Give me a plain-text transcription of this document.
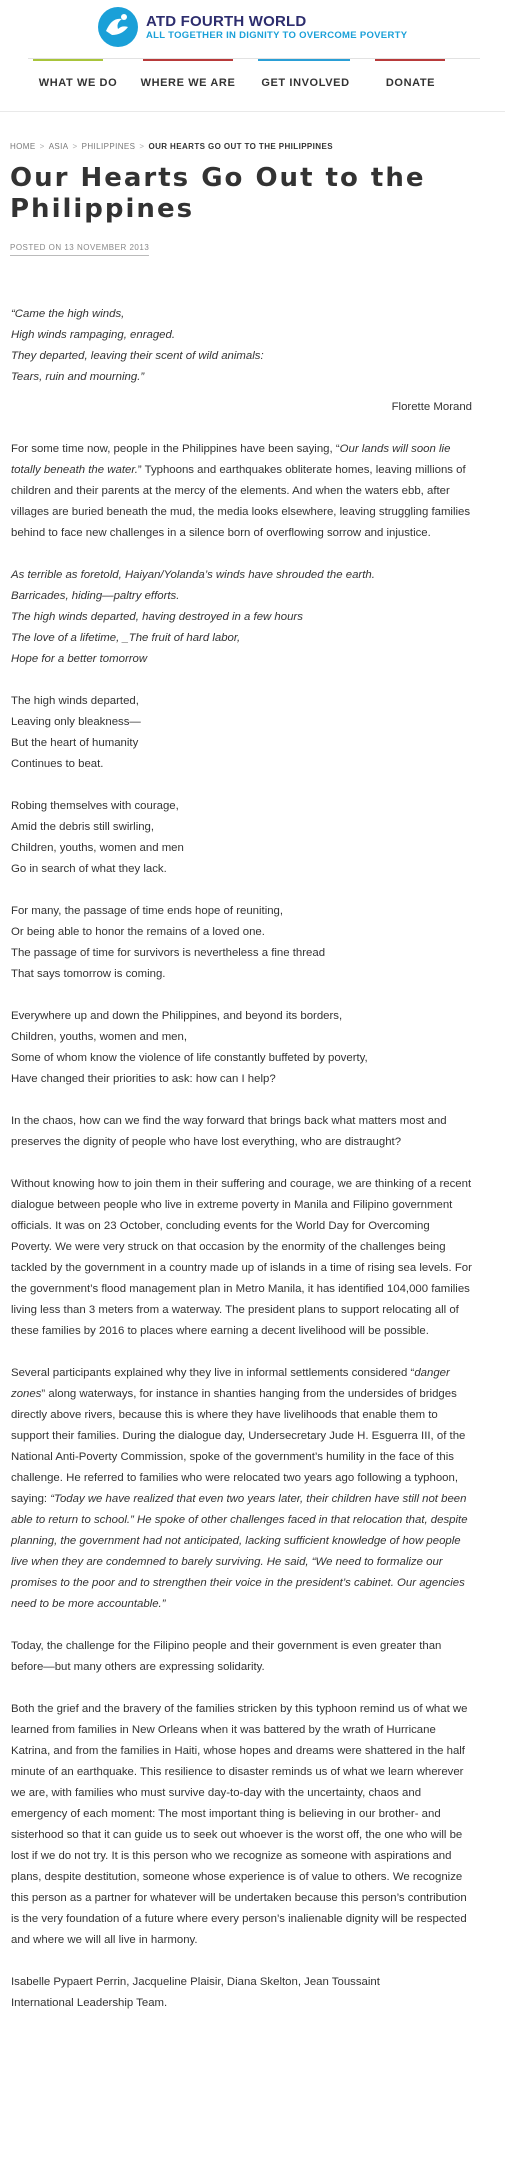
ATD FOURTH WORLD
ALL TOGETHER IN DIGNITY TO OVERCOME POVERTY
WHAT WE DO	WHERE WE ARE	GET INVOLVED	DONATE
HOME > ASIA > PHILIPPINES > OUR HEARTS GO OUT TO THE PHILIPPINES
Our Hearts Go Out to the Philippines
POSTED ON 13 NOVEMBER 2013

“Came the high winds,
High winds rampaging, enraged.
They departed, leaving their scent of wild animals:
Tears, ruin and mourning.”

Florette Morand

For some time now, people in the Philippines have been saying, “Our lands will soon lie totally beneath the water.” Typhoons and earthquakes obliterate homes, leaving millions of children and their parents at the mercy of the elements. And when the waters ebb, after villages are buried beneath the mud, the media looks elsewhere, leaving struggling families behind to face new challenges in a silence born of overflowing sorrow and injustice.

As terrible as foretold, Haiyan/Yolanda’s winds have shrouded the earth.
Barricades, hiding—paltry efforts.
The high winds departed, having destroyed in a few hours
The love of a lifetime, _The fruit of hard labor,
Hope for a better tomorrow

The high winds departed,
Leaving only bleakness—
But the heart of humanity
Continues to beat.

Robing themselves with courage,
Amid the debris still swirling,
Children, youths, women and men
Go in search of what they lack.

For many, the passage of time ends hope of reuniting,
Or being able to honor the remains of a loved one.
The passage of time for survivors is nevertheless a fine thread
That says tomorrow is coming.

Everywhere up and down the Philippines, and beyond its borders,
Children, youths, women and men,
Some of whom know the violence of life constantly buffeted by poverty,
Have changed their priorities to ask: how can I help?

In the chaos, how can we find the way forward that brings back what matters most and preserves the dignity of people who have lost everything, who are distraught?

Without knowing how to join them in their suffering and courage, we are thinking of a recent dialogue between people who live in extreme poverty in Manila and Filipino government officials. It was on 23 October, concluding events for the World Day for Overcoming Poverty. We were very struck on that occasion by the enormity of the challenges being tackled by the government in a country made up of islands in a time of rising sea levels. For the government’s flood management plan in Metro Manila, it has identified 104,000 families living less than 3 meters from a waterway. The president plans to support relocating all of these families by 2016 to places where earning a decent livelihood will be possible.

Several participants explained why they live in informal settlements considered “danger zones” along waterways, for instance in shanties hanging from the undersides of bridges directly above rivers, because this is where they have livelihoods that enable them to support their families. During the dialogue day, Undersecretary Jude H. Esguerra III, of the National Anti-Poverty Commission, spoke of the government’s humility in the face of this challenge. He referred to families who were relocated two years ago following a typhoon, saying: “Today we have realized that even two years later, their children have still not been able to return to school.” He spoke of other challenges faced in that relocation that, despite planning, the government had not anticipated, lacking sufficient knowledge of how people live when they are condemned to barely surviving. He said, “We need to formalize our promises to the poor and to strengthen their voice in the president’s cabinet. Our agencies need to be more accountable.”

Today, the challenge for the Filipino people and their government is even greater than before—but many others are expressing solidarity.

Both the grief and the bravery of the families stricken by this typhoon remind us of what we learned from families in New Orleans when it was battered by the wrath of Hurricane Katrina, and from the families in Haiti, whose hopes and dreams were shattered in the half minute of an earthquake. This resilience to disaster reminds us of what we learn wherever we are, with families who must survive day-to-day with the uncertainty, chaos and emergency of each moment: The most important thing is believing in our brother- and sisterhood so that it can guide us to seek out whoever is the worst off, the one who will be lost if we do not try. It is this person who we recognize as someone with aspirations and plans, despite destitution, someone whose experience is of value to others. We recognize this person as a partner for whatever will be undertaken because this person’s contribution is the very foundation of a future where every person’s inalienable dignity will be respected and where we will all live in harmony.

Isabelle Pypaert Perrin, Jacqueline Plaisir, Diana Skelton, Jean Toussaint
International Leadership Team.
